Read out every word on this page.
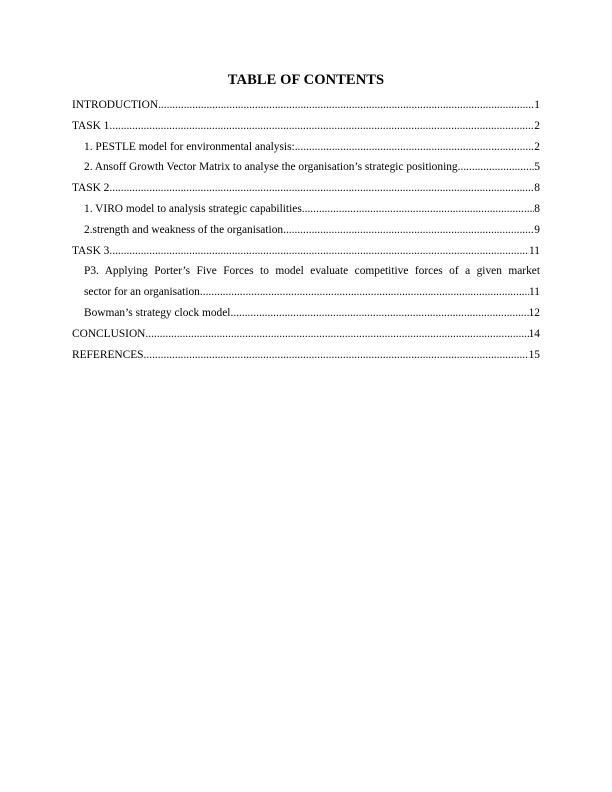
TABLE OF CONTENTS
INTRODUCTION .....	1
TASK 1 .....	2
1. PESTLE model for environmental analysis: .....	2
2. Ansoff Growth Vector Matrix to analyse the organisation’s strategic positioning .....	5
TASK 2 .....	8
1. VIRO model to analysis strategic capabilities .....	8
2.strength and weakness of the organisation .....	9
TASK 3 .....	11
P3. Applying Porter’s Five Forces to model evaluate competitive forces of a given market
sector for an organisation .....	11
Bowman’s strategy clock model .....	12
CONCLUSION .....	14
REFERENCES .....	15
